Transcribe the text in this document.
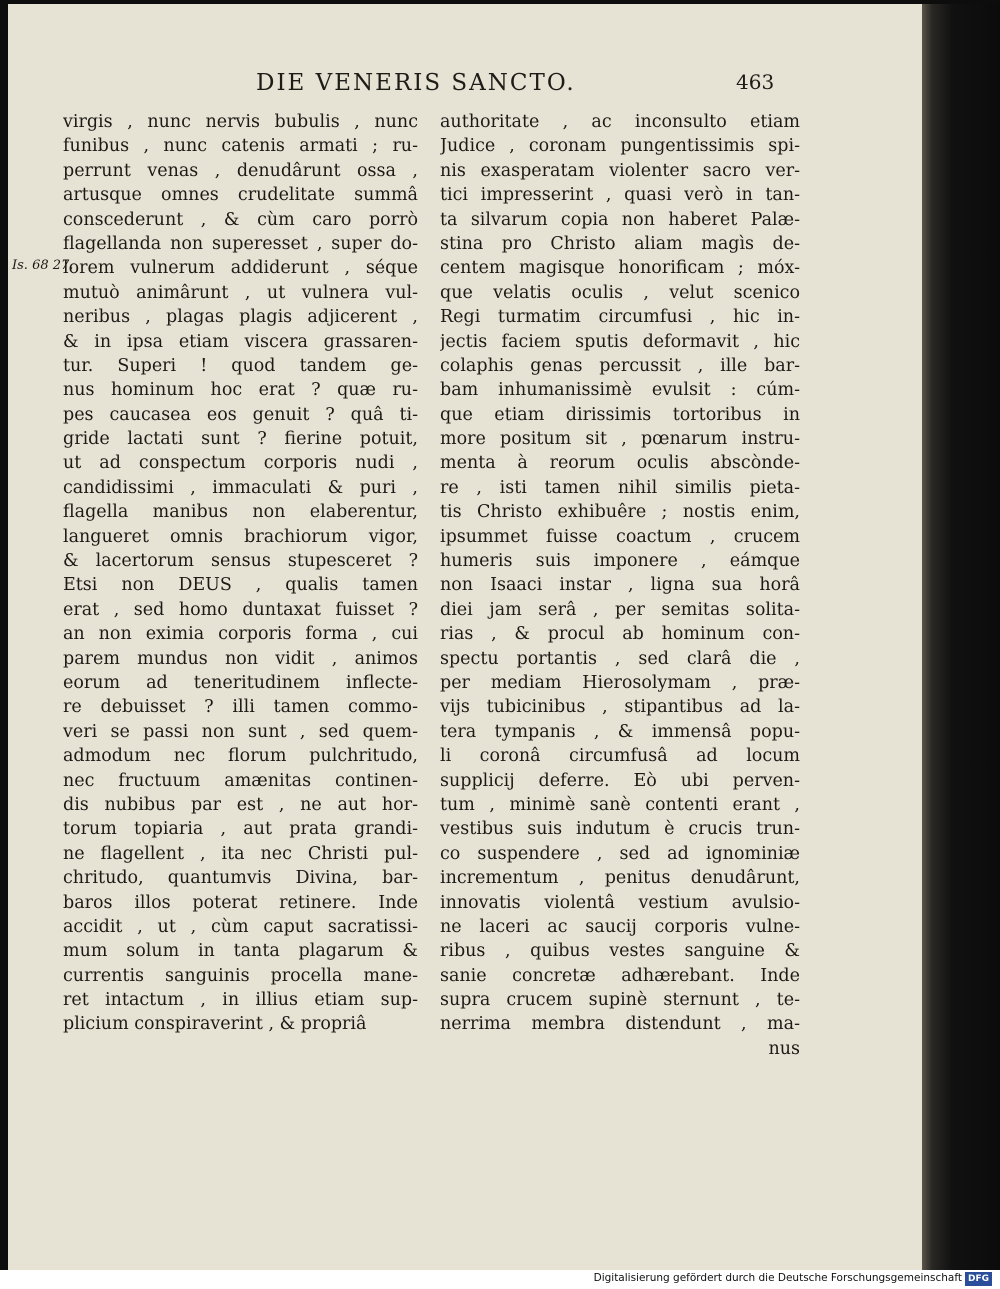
DIE VENERIS SANCTO.	463
Is. 68 27.
virgis , nunc nervis bubulis , nunc
funibus , nunc catenis armati ; ru-
perrunt venas , denudârunt ossa ,
artusque omnes crudelitate summâ
conscederunt , & cùm caro porrò
flagellanda non superesset , super do-
lorem vulnerum addiderunt , séque
mutuò animârunt , ut vulnera vul-
neribus , plagas plagis adjicerent ,
& in ipsa etiam viscera grassaren-
tur. Superi ! quod tandem ge-
nus hominum hoc erat ? quæ ru-
pes caucasea eos genuit ? quâ ti-
gride lactati sunt ? fierine potuit,
ut ad conspectum corporis nudi ,
candidissimi , immaculati & puri ,
flagella manibus non elaberentur,
langueret omnis brachiorum vigor,
& lacertorum sensus stupesceret ?
Etsi non DEUS , qualis tamen
erat , sed homo duntaxat fuisset ?
an non eximia corporis forma , cui
parem mundus non vidit , animos
eorum ad teneritudinem inflecte-
re debuisset ? illi tamen commo-
veri se passi non sunt , sed quem-
admodum nec florum pulchritudo,
nec fructuum amænitas continen-
dis nubibus par est , ne aut hor-
torum topiaria , aut prata grandi-
ne flagellent , ita nec Christi pul-
chritudo, quantumvis Divina, bar-
baros illos poterat retinere. Inde
accidit , ut , cùm caput sacratissi-
mum solum in tanta plagarum &
currentis sanguinis procella mane-
ret intactum , in illius etiam sup-
plicium conspiraverint , & propriâ
authoritate , ac inconsulto etiam
Judice , coronam pungentissimis spi-
nis exasperatam violenter sacro ver-
tici impresserint , quasi verò in tan-
ta silvarum copia non haberet Palæ-
stina pro Christo aliam magìs de-
centem magisque honorificam ; móx-
que velatis oculis , velut scenico
Regi turmatim circumfusi , hic in-
jectis faciem sputis deformavit , hic
colaphis genas percussit , ille bar-
bam inhumanissimè evulsit : cúm-
que etiam dirissimis tortoribus in
more positum sit , pœnarum instru-
menta à reorum oculis abscònde-
re , isti tamen nihil similis pieta-
tis Christo exhibuêre ; nostis enim,
ipsummet fuisse coactum , crucem
humeris suis imponere , eámque
non Isaaci instar , ligna sua horâ
diei jam serâ , per semitas solita-
rias , & procul ab hominum con-
spectu portantis , sed clarâ die ,
per mediam Hierosolymam , præ-
vijs tubicinibus , stipantibus ad la-
tera tympanis , & immensâ popu-
li coronâ circumfusâ ad locum
supplicij deferre. Eò ubi perven-
tum , minimè sanè contenti erant ,
vestibus suis indutum è crucis trun-
co suspendere , sed ad ignominiæ
incrementum , penitus denudârunt,
innovatis violentâ vestium avulsio-
ne laceri ac saucij corporis vulne-
ribus , quibus vestes sanguine &
sanie concretæ adhærebant. Inde
supra crucem supinè sternunt , te-
nerrima membra distendunt , ma-
nus
Digitalisierung gefördert durch die Deutsche Forschungsgemeinschaft DFG
